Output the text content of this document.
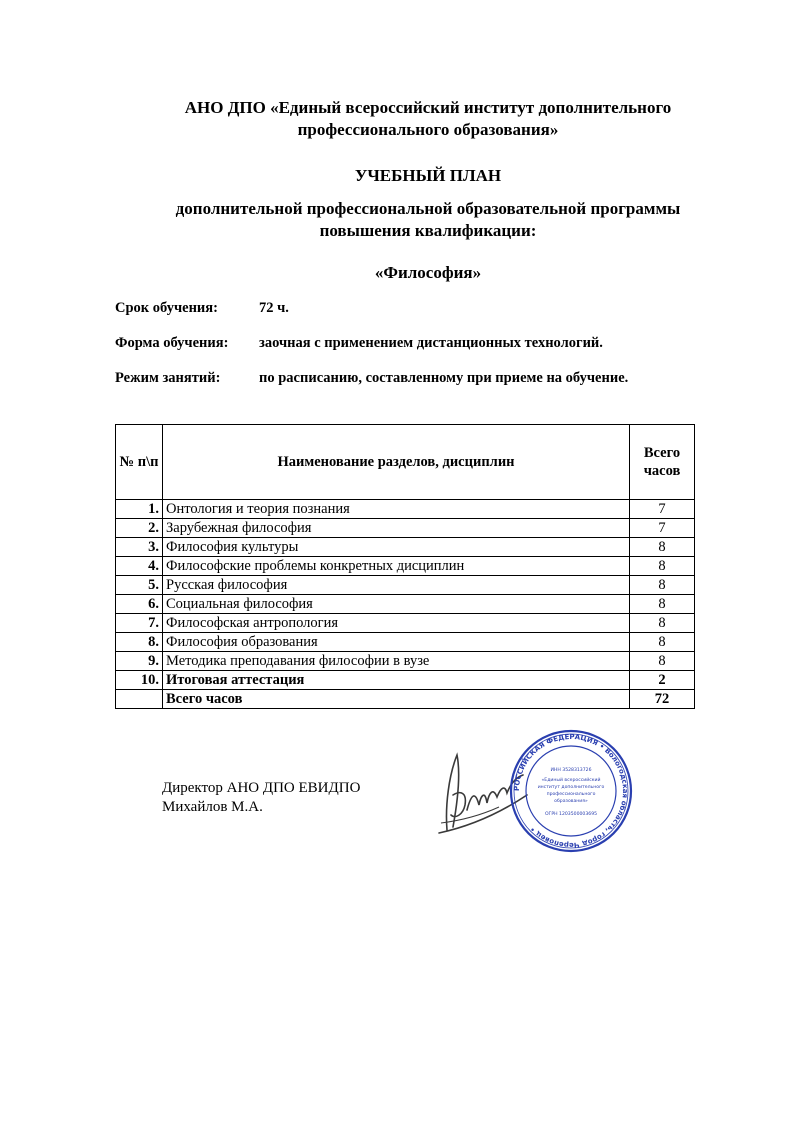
АНО ДПО «Единый всероссийский институт дополнительного профессионального образования»
УЧЕБНЫЙ ПЛАН
дополнительной профессиональной образовательной программы
повышения квалификации:
«Философия»
Срок обучения:	72 ч.
Форма обучения: заочная с применением дистанционных технологий.
Режим занятий:	по расписанию, составленному при приеме на обучение.
№ п\п	Наименование разделов, дисциплин	Всего
часов

1.	Онтология и теория познания	7
2.	Зарубежная философия	7
3.	Философия культуры	8
4.	Философские проблемы конкретных дисциплин	8
5.	Русская философия	8
6.	Социальная философия	8
7.	Философская антропология	8
8.	Философия образования	8
9.	Методика преподавания философии в вузе	8
10.	Итоговая аттестация	2
	Всего часов	72
Директор АНО ДПО ЕВИДПО
Михайлов М.А.
РОССИЙСКАЯ ФЕДЕРАЦИЯ • Вологодская область, город Череповец •
ИНН 3528313726
«Единый всероссийский
институт дополнительного
профессионального
образования»
ОГРН 1203500003695
